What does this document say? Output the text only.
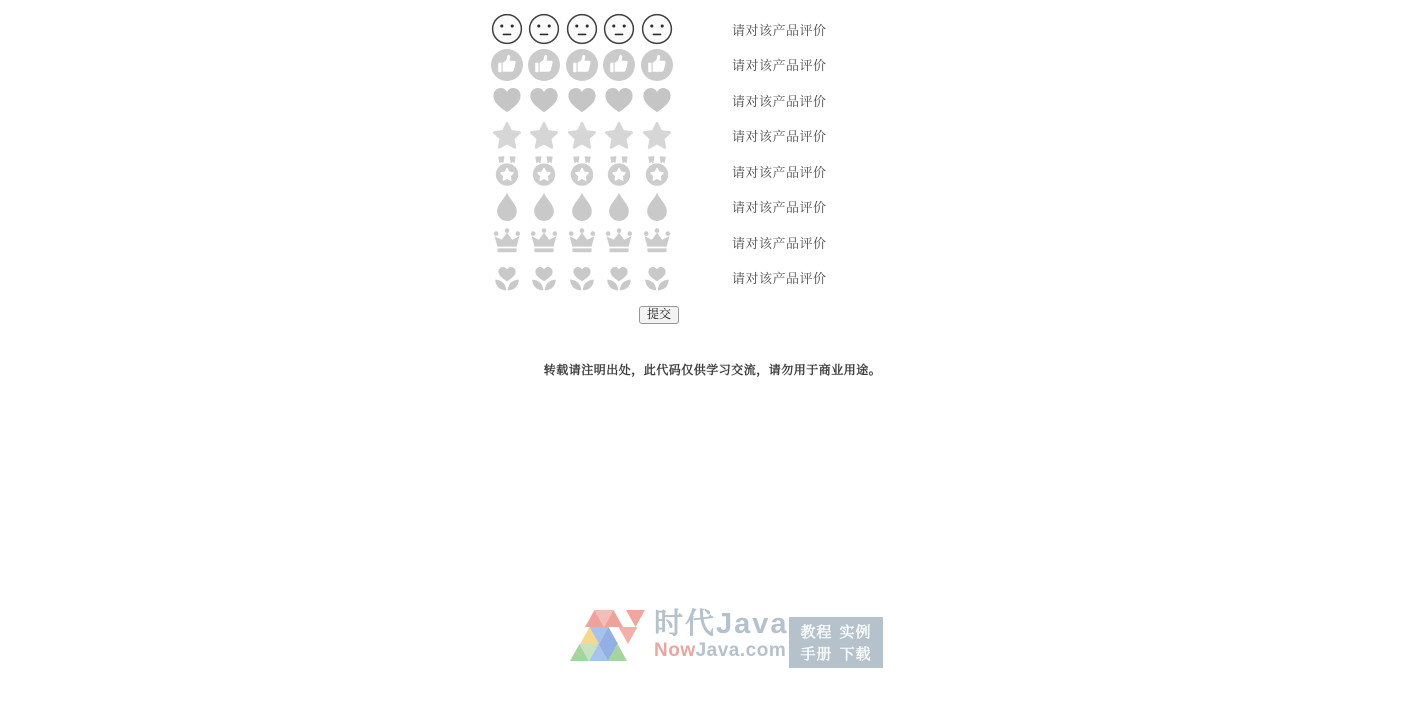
请对该产品评价
请对该产品评价
请对该产品评价
请对该产品评价
请对该产品评价
请对该产品评价
请对该产品评价
请对该产品评价
提交
转载请注明出处，此代码仅供学习交流，请勿用于商业用途。
时代Java
NowJava.com
教程 实例
手册 下载
